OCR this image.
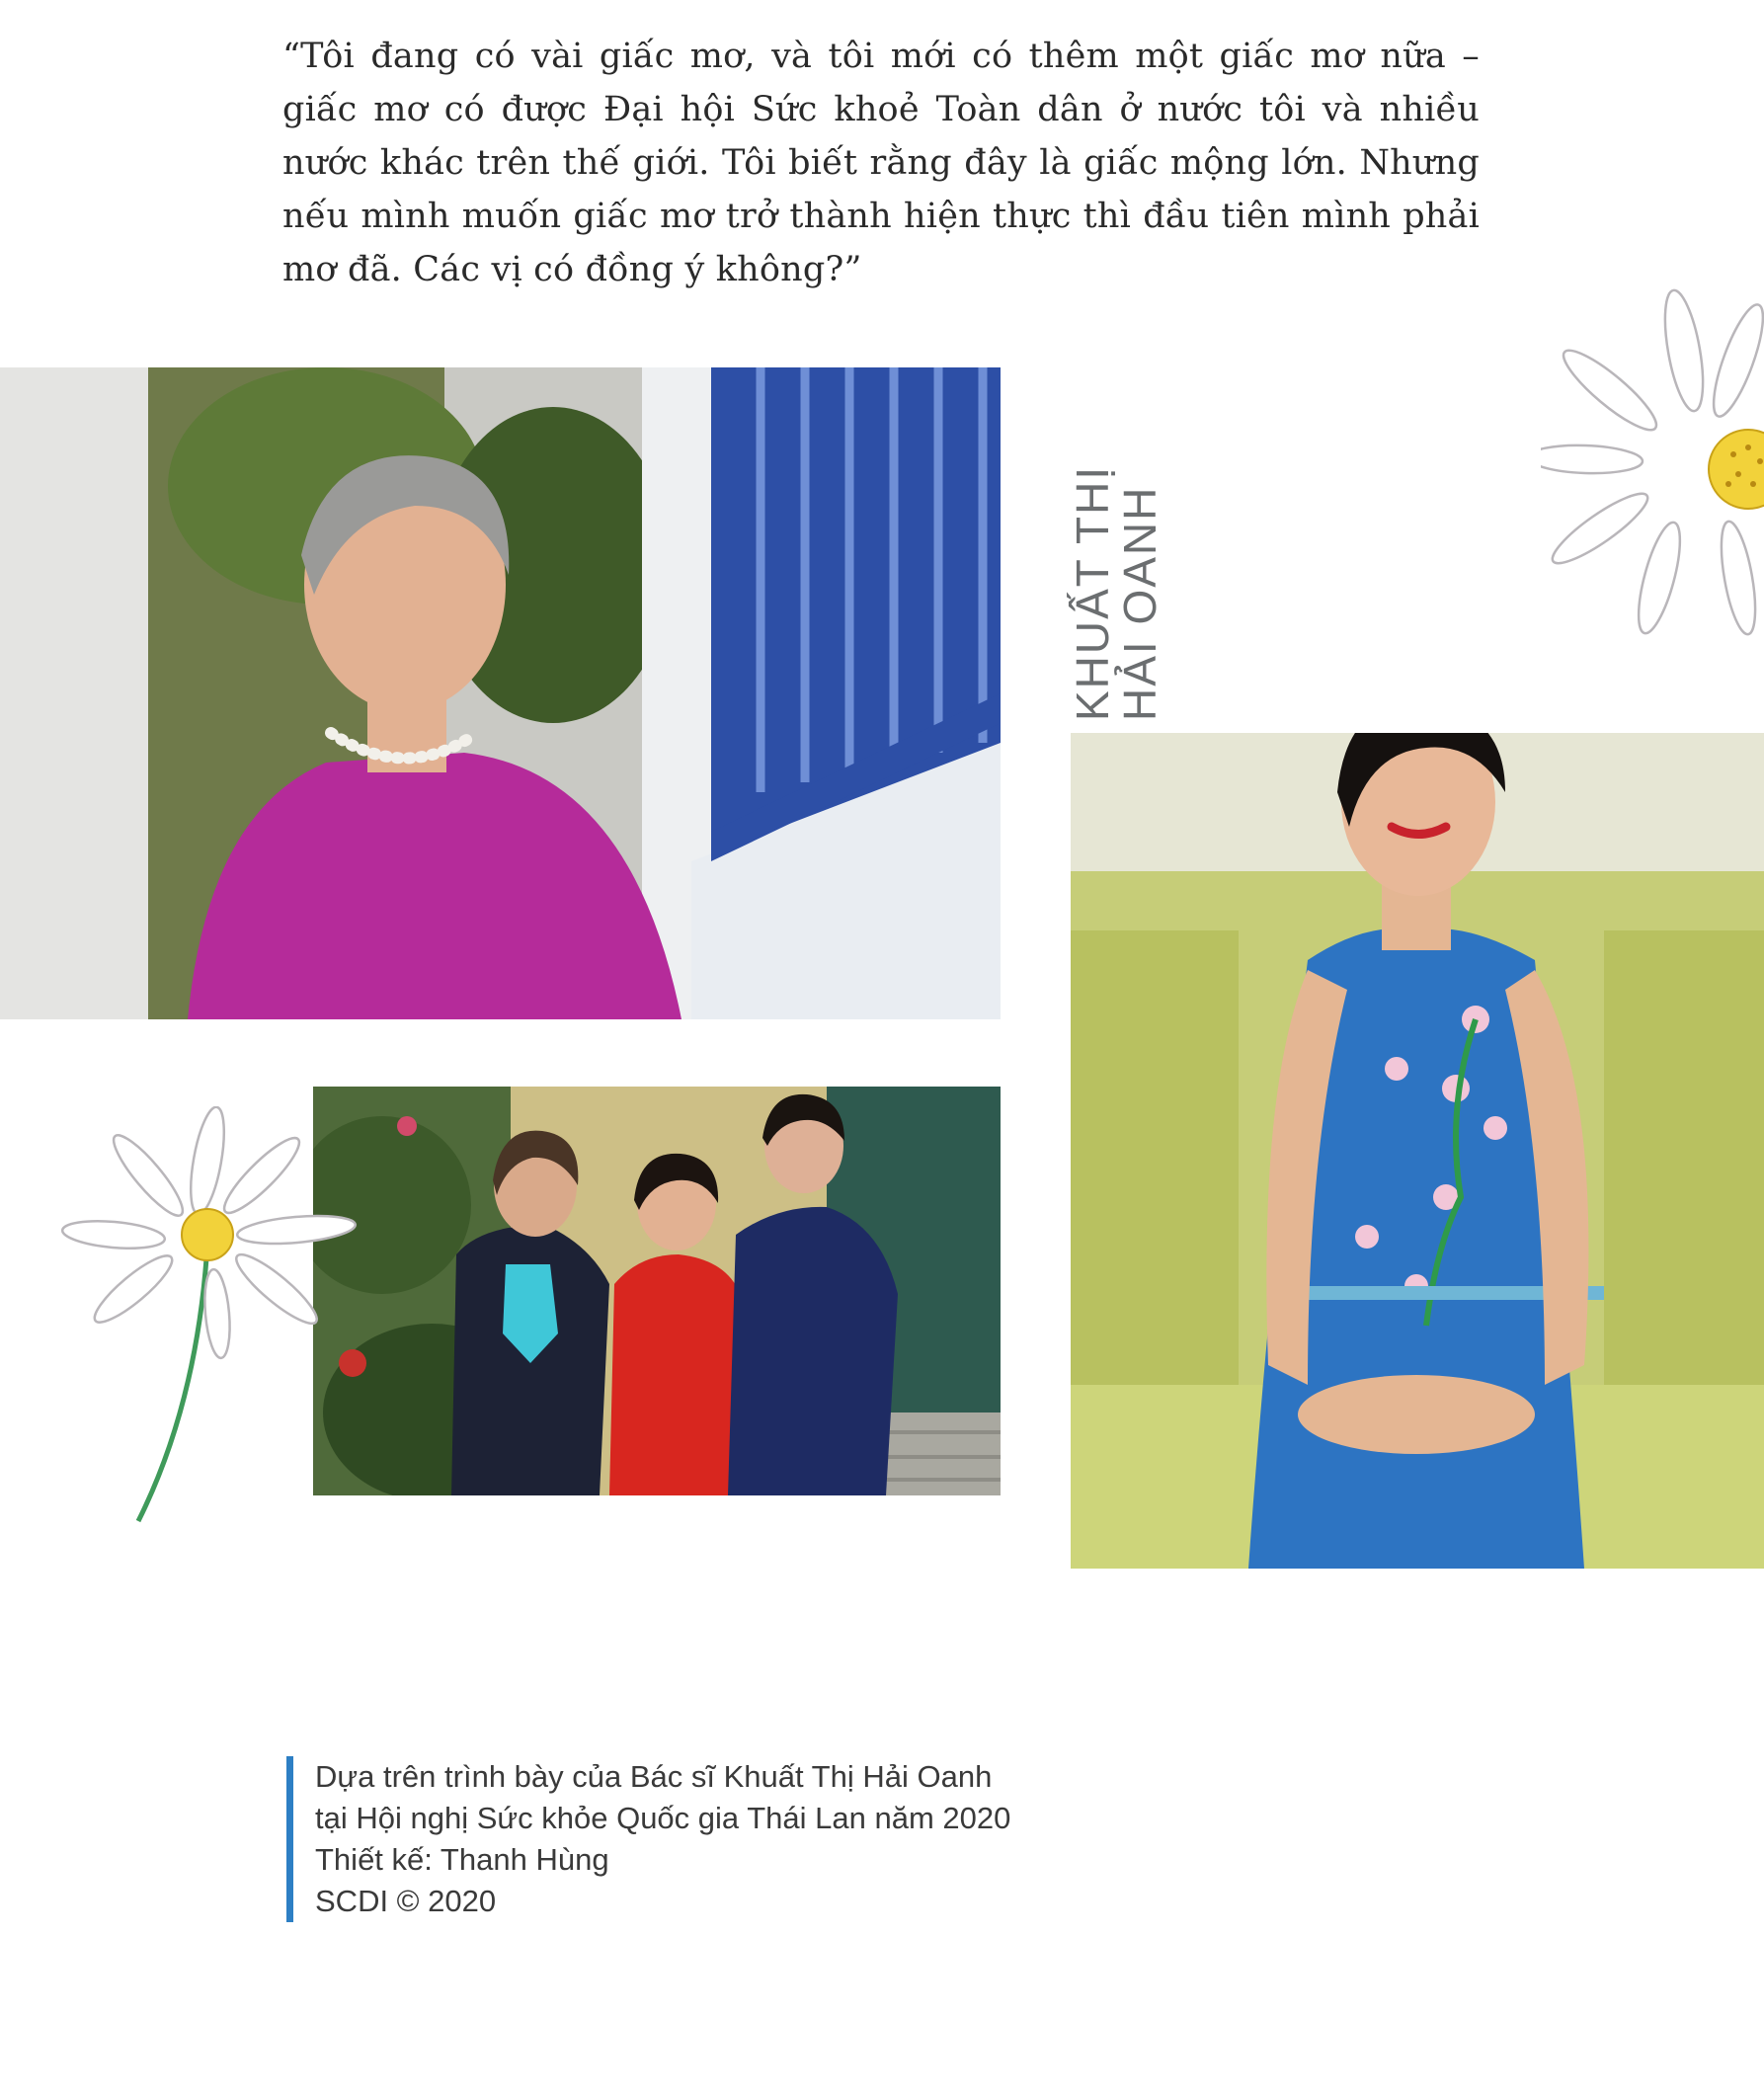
“Tôi đang có vài giấc mơ, và tôi mới có thêm một giấc mơ nữa – giấc mơ có được Đại hội Sức khoẻ Toàn dân ở nước tôi và nhiều nước khác trên thế giới. Tôi biết rằng đây là giấc mộng lớn. Nhưng nếu mình muốn giấc mơ trở thành hiện thực thì đầu tiên mình phải mơ đã. Các vị có đồng ý không?”
KHUẤT THỊ
HẢI OANH
Dựa trên trình bày của Bác sĩ Khuất Thị Hải Oanh
tại Hội nghị Sức khỏe Quốc gia Thái Lan năm 2020
Thiết kế: Thanh Hùng
SCDI © 2020
